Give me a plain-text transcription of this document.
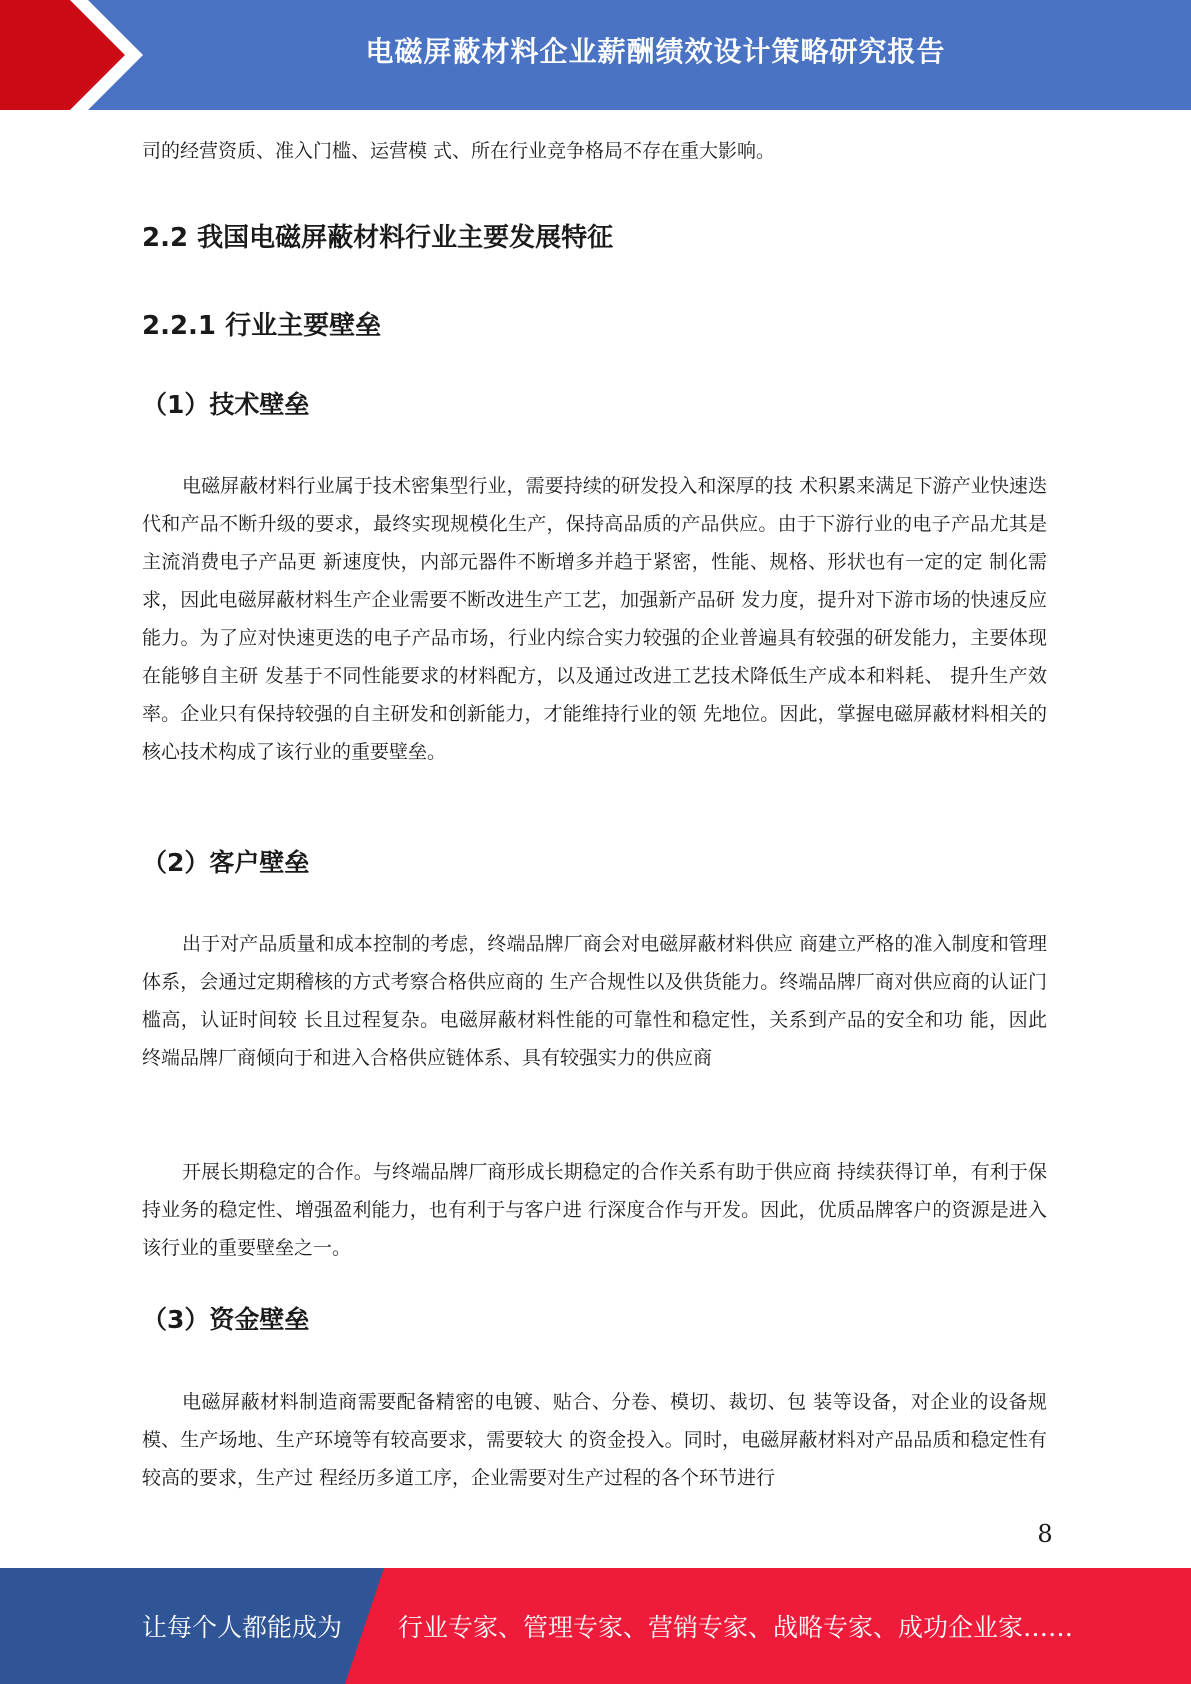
电磁屏蔽材料企业薪酬绩效设计策略研究报告

司的经营资质、准入门槛、运营模 式、所在行业竞争格局不存在重大影响。

2.2 我国电磁屏蔽材料行业主要发展特征
2.2.1 行业主要壁垒
（1）技术壁垒

电磁屏蔽材料行业属于技术密集型行业，需要持续的研发投入和深厚的技 术积累来满足下游产业快速迭代和产品不断升级的要求，最终实现规模化生产，保持高品质的产品供应。由于下游行业的电子产品尤其是主流消费电子产品更 新速度快，内部元器件不断增多并趋于紧密，性能、规格、形状也有一定的定 制化需求，因此电磁屏蔽材料生产企业需要不断改进生产工艺，加强新产品研 发力度，提升对下游市场的快速反应能力。为了应对快速更迭的电子产品市场，行业内综合实力较强的企业普遍具有较强的研发能力，主要体现在能够自主研 发基于不同性能要求的材料配方，以及通过改进工艺技术降低生产成本和料耗、 提升生产效率。企业只有保持较强的自主研发和创新能力，才能维持行业的领 先地位。因此，掌握电磁屏蔽材料相关的核心技术构成了该行业的重要壁垒。

（2）客户壁垒

出于对产品质量和成本控制的考虑，终端品牌厂商会对电磁屏蔽材料供应 商建立严格的准入制度和管理体系，会通过定期稽核的方式考察合格供应商的 生产合规性以及供货能力。终端品牌厂商对供应商的认证门槛高，认证时间较 长且过程复杂。电磁屏蔽材料性能的可靠性和稳定性，关系到产品的安全和功 能，因此终端品牌厂商倾向于和进入合格供应链体系、具有较强实力的供应商

开展长期稳定的合作。与终端品牌厂商形成长期稳定的合作关系有助于供应商 持续获得订单，有利于保持业务的稳定性、增强盈利能力，也有利于与客户进 行深度合作与开发。因此，优质品牌客户的资源是进入该行业的重要壁垒之一。

（3）资金壁垒

电磁屏蔽材料制造商需要配备精密的电镀、贴合、分卷、模切、裁切、包 装等设备，对企业的设备规模、生产场地、生产环境等有较高要求，需要较大 的资金投入。同时，电磁屏蔽材料对产品品质和稳定性有较高的要求，生产过 程经历多道工序，企业需要对生产过程的各个环节进行

8
让每个人都能成为 行业专家、管理专家、营销专家、战略专家、成功企业家……
